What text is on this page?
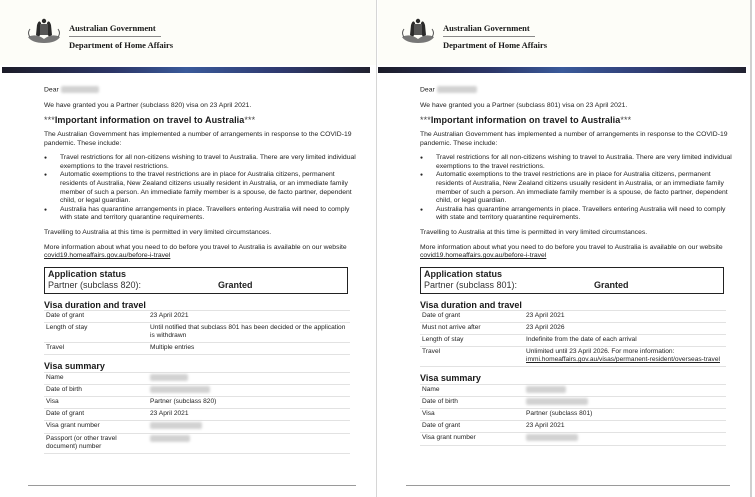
Australian Government
Department of Home Affairs

Dear

We have granted you a Partner (subclass 820) visa on 23 April 2021.

***Important information on travel to Australia***

The Australian Government has implemented a number of arrangements in response to the COVID-19 pandemic. These include:

● Travel restrictions for all non-citizens wishing to travel to Australia. There are very limited individual exemptions to the travel restrictions.
● Automatic exemptions to the travel restrictions are in place for Australia citizens, permanent residents of Australia, New Zealand citizens usually resident in Australia, or an immediate family member of such a person. An immediate family member is a spouse, de facto partner, dependent child, or legal guardian.
● Australia has quarantine arrangements in place. Travellers entering Australia will need to comply with state and territory quarantine requirements.

Travelling to Australia at this time is permitted in very limited circumstances.

More information about what you need to do before you travel to Australia is available on our website covid19.homeaffairs.gov.au/before-i-travel

Application status
Partner (subclass 820):	Granted
Visa duration and travel
Date of grant	23 April 2021
Length of stay	Until notified that subclass 801 has been decided or the application is withdrawn
Travel	Multiple entries
Visa summary
Name	
Date of birth	
Visa	Partner (subclass 820)
Date of grant	23 April 2021
Visa grant number	
Passport (or other travel document) number	
Australian Government
Department of Home Affairs

Dear

We have granted you a Partner (subclass 801) visa on 23 April 2021.

***Important information on travel to Australia***

The Australian Government has implemented a number of arrangements in response to the COVID-19 pandemic. These include:

● Travel restrictions for all non-citizens wishing to travel to Australia. There are very limited individual exemptions to the travel restrictions.
● Automatic exemptions to the travel restrictions are in place for Australia citizens, permanent residents of Australia, New Zealand citizens usually resident in Australia, or an immediate family member of such a person. An immediate family member is a spouse, de facto partner, dependent child, or legal guardian.
● Australia has quarantine arrangements in place. Travellers entering Australia will need to comply with state and territory quarantine requirements.

Travelling to Australia at this time is permitted in very limited circumstances.

More information about what you need to do before you travel to Australia is available on our website covid19.homeaffairs.gov.au/before-i-travel

Application status
Partner (subclass 801):	Granted
Visa duration and travel
Date of grant	23 April 2021
Must not arrive after	23 April 2026
Length of stay	Indefinite from the date of each arrival
Travel	Unlimited until 23 April 2026. For more information:
immi.homeaffairs.gov.au/visas/permanent-resident/overseas-travel
Visa summary
Name	
Date of birth	
Visa	Partner (subclass 801)
Date of grant	23 April 2021
Visa grant number	
